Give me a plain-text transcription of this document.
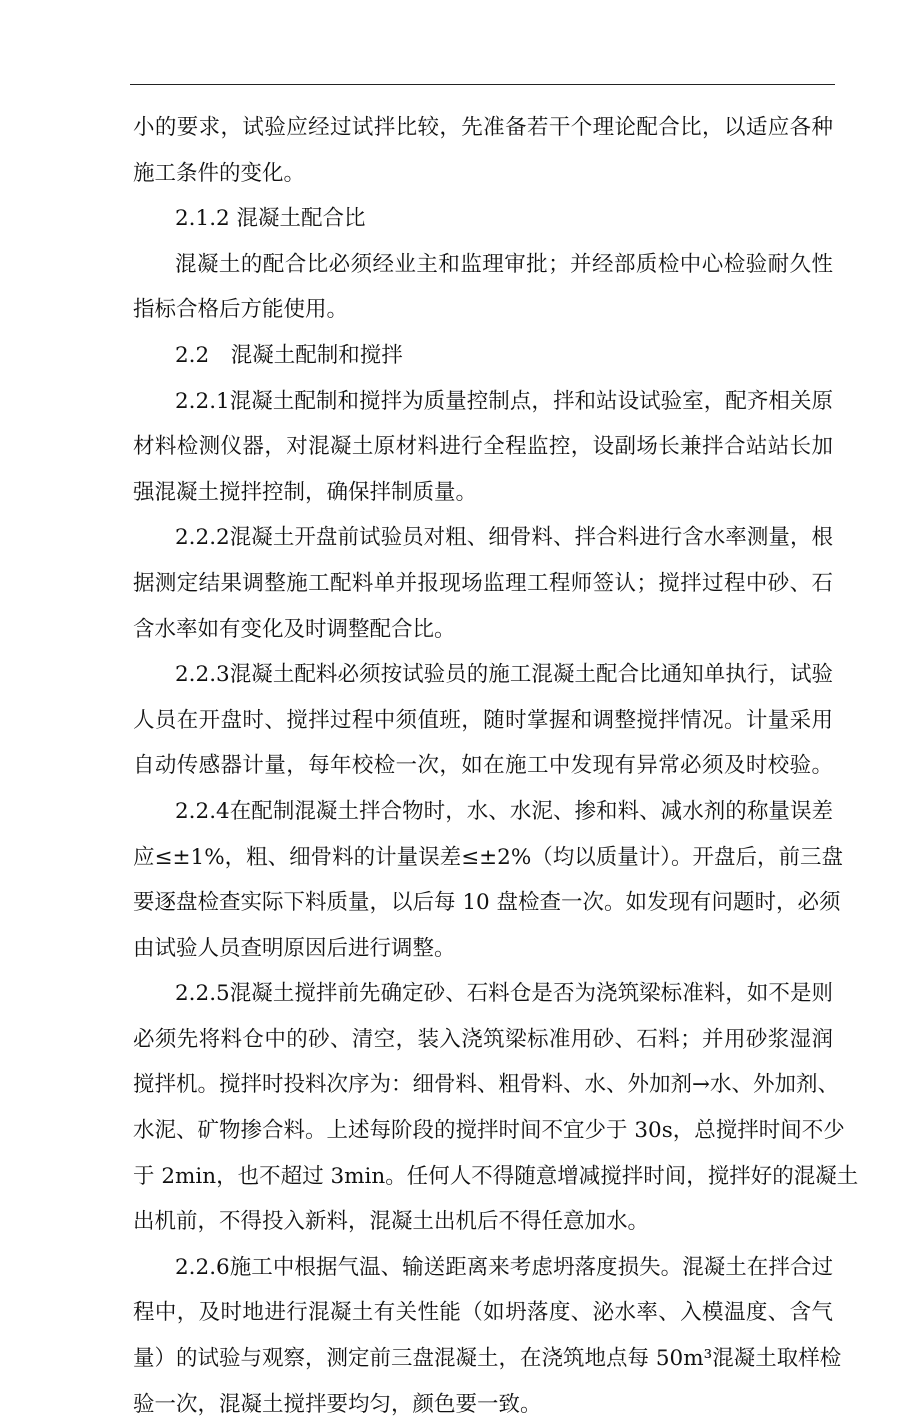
小的要求，试验应经过试拌比较，先准备若干个理论配合比，以适应各种
施工条件的变化。
2.1.2 混凝土配合比
混凝土的配合比必须经业主和监理审批；并经部质检中心检验耐久性
指标合格后方能使用。
2.2　混凝土配制和搅拌
2.2.1混凝土配制和搅拌为质量控制点，拌和站设试验室，配齐相关原
材料检测仪器，对混凝土原材料进行全程监控，设副场长兼拌合站站长加
强混凝土搅拌控制，确保拌制质量。
2.2.2混凝土开盘前试验员对粗、细骨料、拌合料进行含水率测量，根
据测定结果调整施工配料单并报现场监理工程师签认；搅拌过程中砂、石
含水率如有变化及时调整配合比。
2.2.3混凝土配料必须按试验员的施工混凝土配合比通知单执行，试验
人员在开盘时、搅拌过程中须值班，随时掌握和调整搅拌情况。计量采用
自动传感器计量，每年校检一次，如在施工中发现有异常必须及时校验。
2.2.4在配制混凝土拌合物时，水、水泥、掺和料、减水剂的称量误差
应≤±1%，粗、细骨料的计量误差≤±2%（均以质量计）。开盘后，前三盘
要逐盘检查实际下料质量，以后每 10 盘检查一次。如发现有问题时，必须
由试验人员查明原因后进行调整。
2.2.5混凝土搅拌前先确定砂、石料仓是否为浇筑梁标准料，如不是则
必须先将料仓中的砂、清空，装入浇筑梁标准用砂、石料；并用砂浆湿润
搅拌机。搅拌时投料次序为：细骨料、粗骨料、水、外加剂→水、外加剂、
水泥、矿物掺合料。上述每阶段的搅拌时间不宜少于 30s，总搅拌时间不少
于 2min，也不超过 3min。任何人不得随意增减搅拌时间，搅拌好的混凝土
出机前，不得投入新料，混凝土出机后不得任意加水。
2.2.6施工中根据气温、输送距离来考虑坍落度损失。混凝土在拌合过
程中，及时地进行混凝土有关性能（如坍落度、泌水率、入模温度、含气
量）的试验与观察，测定前三盘混凝土，在浇筑地点每 50m³混凝土取样检
验一次，混凝土搅拌要均匀，颜色要一致。
